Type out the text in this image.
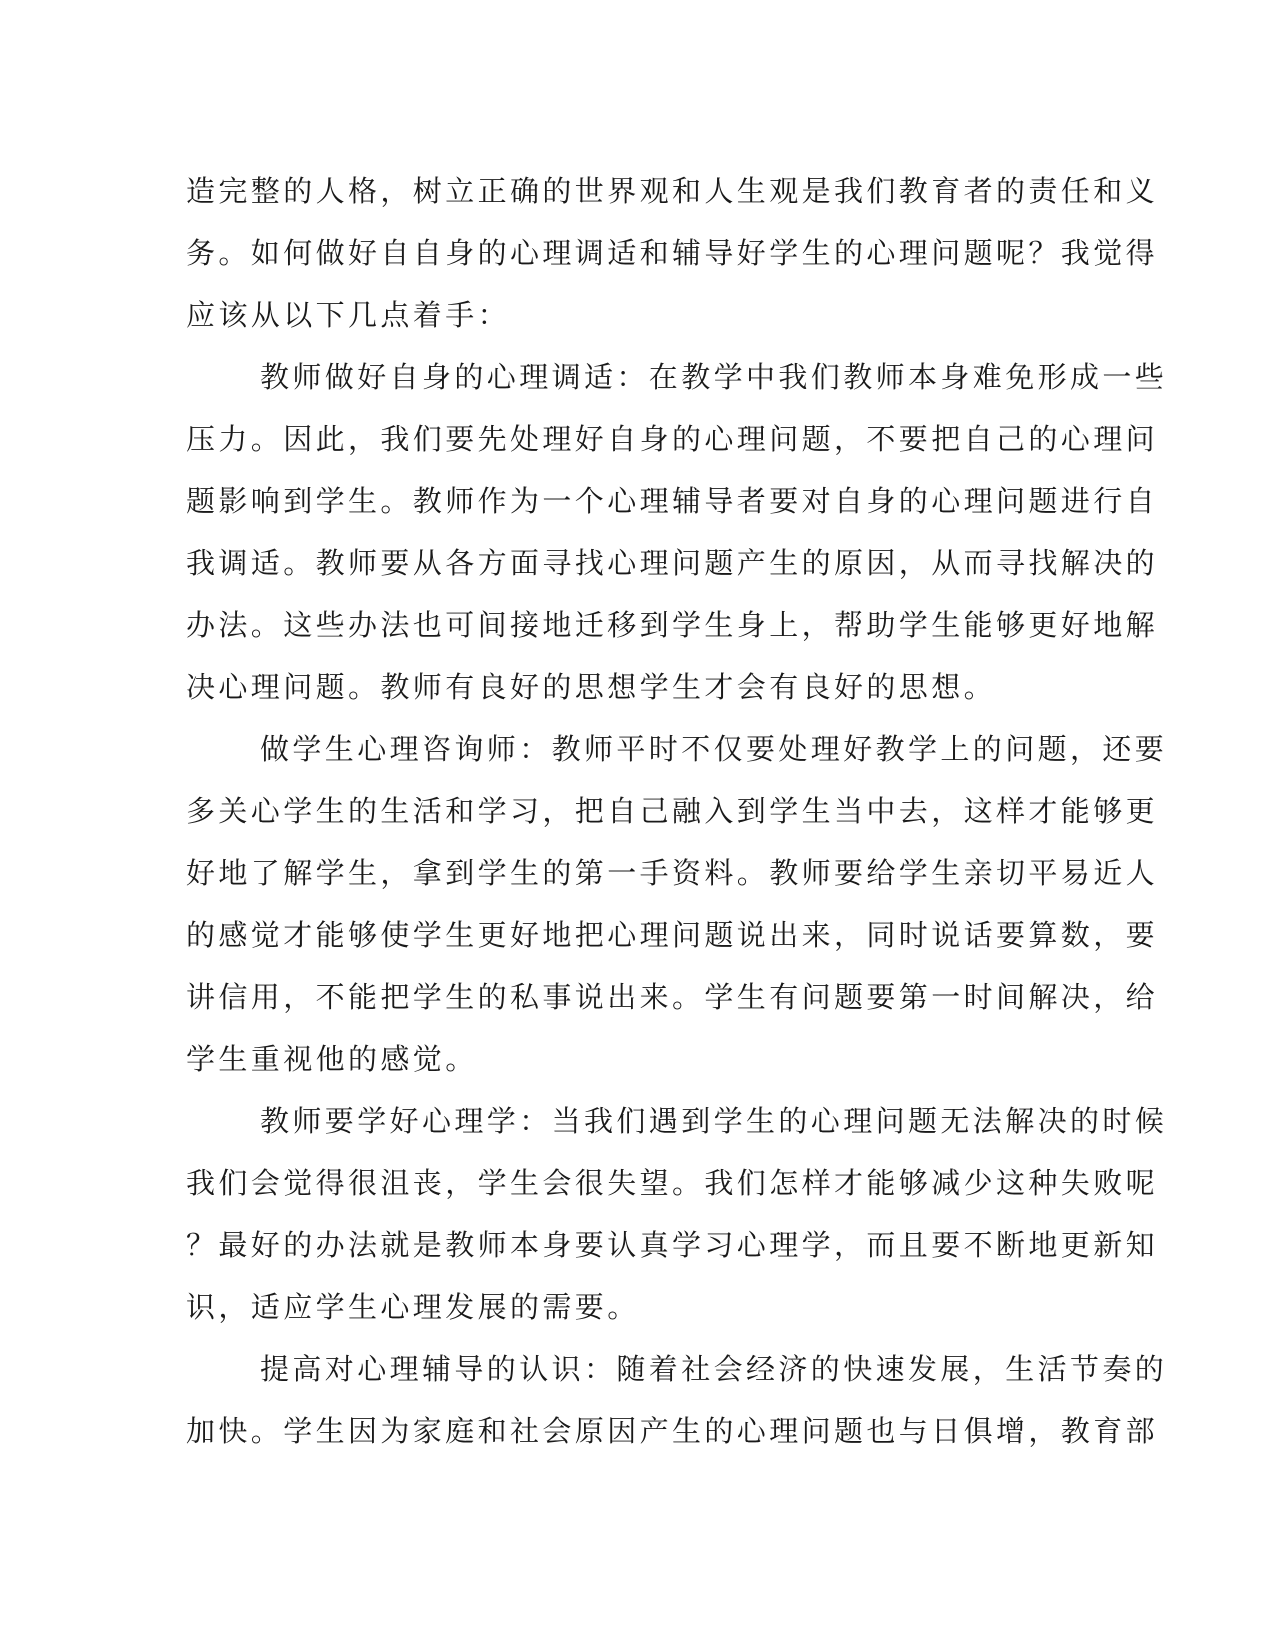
造完整的人格，树立正确的世界观和人生观是我们教育者的责任和义
务。如何做好自自身的心理调适和辅导好学生的心理问题呢？我觉得
应该从以下几点着手：
教师做好自身的心理调适：在教学中我们教师本身难免形成一些
压力。因此，我们要先处理好自身的心理问题，不要把自己的心理问
题影响到学生。教师作为一个心理辅导者要对自身的心理问题进行自
我调适。教师要从各方面寻找心理问题产生的原因，从而寻找解决的
办法。这些办法也可间接地迁移到学生身上，帮助学生能够更好地解
决心理问题。教师有良好的思想学生才会有良好的思想。
做学生心理咨询师：教师平时不仅要处理好教学上的问题，还要
多关心学生的生活和学习，把自己融入到学生当中去，这样才能够更
好地了解学生，拿到学生的第一手资料。教师要给学生亲切平易近人
的感觉才能够使学生更好地把心理问题说出来，同时说话要算数，要
讲信用，不能把学生的私事说出来。学生有问题要第一时间解决，给
学生重视他的感觉。
教师要学好心理学：当我们遇到学生的心理问题无法解决的时候
我们会觉得很沮丧，学生会很失望。我们怎样才能够减少这种失败呢
？最好的办法就是教师本身要认真学习心理学，而且要不断地更新知
识，适应学生心理发展的需要。
提高对心理辅导的认识：随着社会经济的快速发展，生活节奏的
加快。学生因为家庭和社会原因产生的心理问题也与日俱增，教育部
